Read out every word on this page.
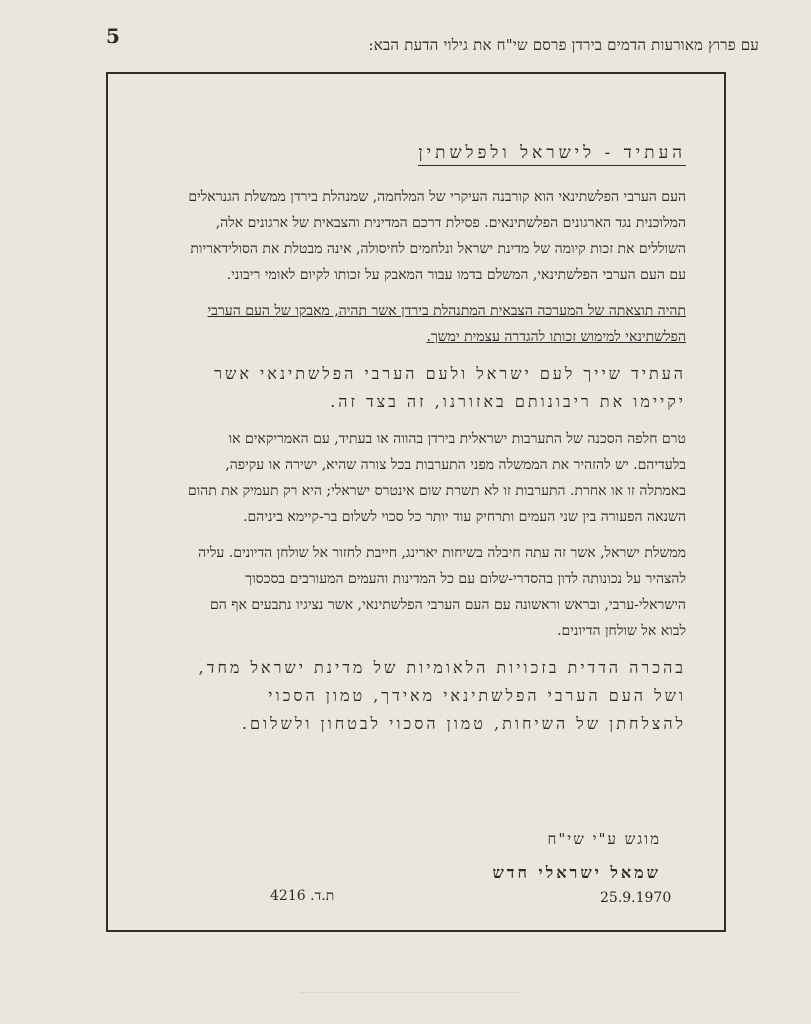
5	עם פרוץ מאורעות הדמים בירדן פרסם שי"ח את גילוי הדעת הבא:
העתיד - לישראל ולפלשתין

העם הערבי הפלשתינאי הוא קורבנה העיקרי של המלחמה, שמנהלת בירדן ממשלת הגנראלים המלוכנית נגד הארגונים הפלשתינאים. פסילת דרכם המדינית והצבאית של ארגונים אלה, השוללים את זכות קיומה של מדינת ישראל ונלחמים לחיסולה, אינה מבטלת את הסולידאריות עם העם הערבי הפלשתינאי, המשלם בדמו עבור המאבק על זכותו לקיום לאומי ריבוני.

תהיה תוצאתה של המערכה הצבאית המתנהלת בירדן אשר תהיה, מאבקו של העם הערבי הפלשתינאי למימוש זכותו להגדרה עצמית ימשך.

העתיד שייך לעם ישראל ולעם הערבי הפלשתינאי אשר יקיימו את ריבונותם באזורנו, זה בצד זה.

טרם חלפה הסכנה של התערבות ישראלית בירדן בהווה או בעתיד, עם האמריקאים או בלעדיהם. יש להזהיר את הממשלה מפני התערבות בכל צורה שהיא, ישירה או עקיפה, באמתלה זו או אחרת. התערבות זו לא תשרת שום אינטרס ישראלי; היא רק תעמיק את תהום השנאה הפעורה בין שני העמים ותרחיק עוד יותר כל סכוי לשלום בר-קיימא ביניהם.

ממשלת ישראל, אשר זה עתה חיבלה בשיחות יארינג, חייבת לחזור אל שולחן הדיונים. עליה להצהיר על נכונותה לדון בהסדרי-שלום עם כל המדינות והעמים המעורבים בסכסוך הישראלי-ערבי, ובראש וראשונה עם העם הערבי הפלשתינאי, אשר נציגיו נתבעים אף הם לבוא אל שולחן הדיונים.

בהכרה הדדית בזכויות הלאומיות של מדינת ישראל מחד, ושל העם הערבי הפלשתינאי מאידך, טמון הסכוי להצלחתן של השיחות, טמון הסכוי לבטחון ולשלום.

מוגש ע"י שי"ח
שמאל ישראלי חדש
ת.ד. 4216	25.9.1970
